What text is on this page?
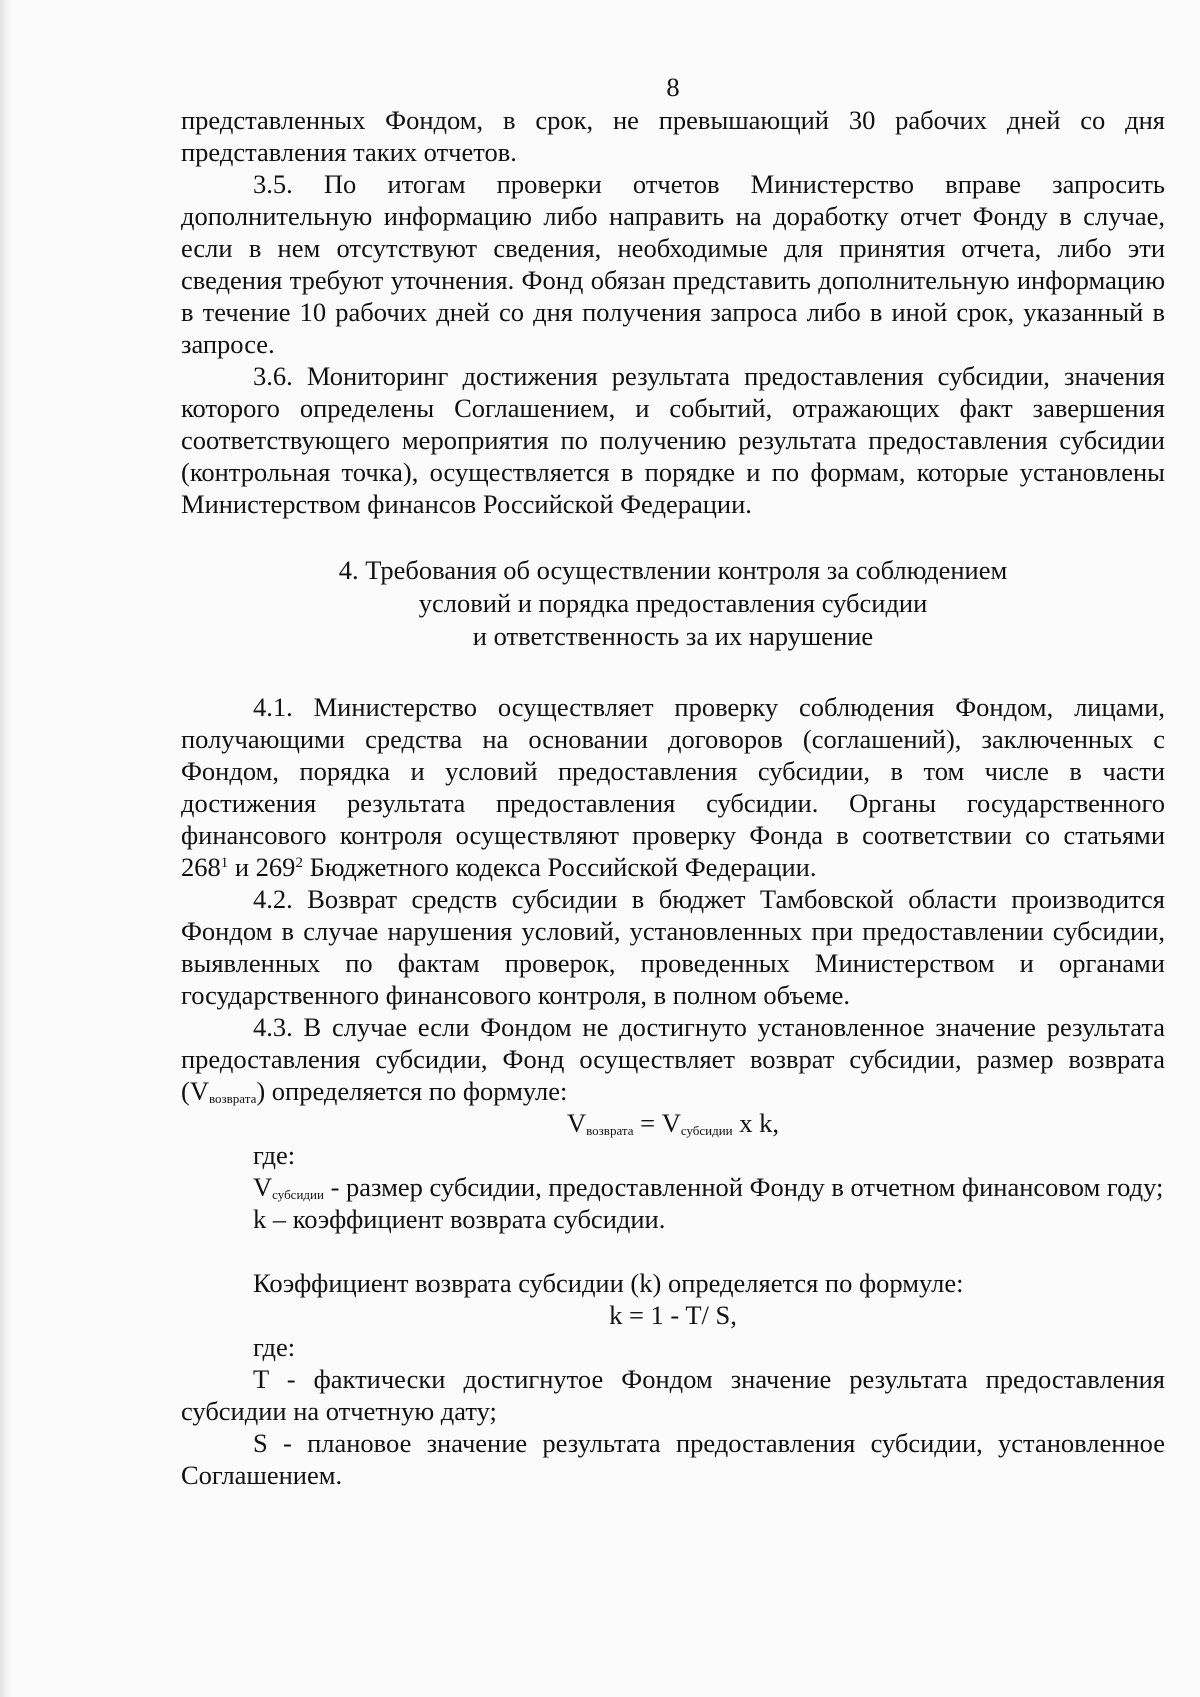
8

представленных Фондом, в срок, не превышающий 30 рабочих дней со дня

представления таких отчетов.

3.5. По итогам проверки отчетов Министерство вправе запросить дополнительную информацию либо направить на доработку отчет Фонду в случае, если в нем отсутствуют сведения, необходимые для принятия отчета, либо эти сведения требуют уточнения. Фонд обязан представить дополнительную информацию в течение 10 рабочих дней со дня получения запроса либо в иной срок, указанный в запросе.

3.6. Мониторинг достижения результата предоставления субсидии, значения которого определены Соглашением, и событий, отражающих факт завершения соответствующего мероприятия по получению результата предоставления субсидии (контрольная точка), осуществляется в порядке и по формам, которые установлены Министерством финансов Российской Федерации.

4. Требования об осуществлении контроля за соблюдением
условий и порядка предоставления субсидии
и ответственность за их нарушение

4.1. Министерство осуществляет проверку соблюдения Фондом, лицами, получающими средства на основании договоров (соглашений), заключенных с Фондом, порядка и условий предоставления субсидии, в том числе в части достижения результата предоставления субсидии. Органы государственного финансового контроля осуществляют проверку Фонда в соответствии со статьями $268^1$ и $269^2$ Бюджетного кодекса Российской Федерации.

4.2. Возврат средств субсидии в бюджет Тамбовской области производится Фондом в случае нарушения условий, установленных при предоставлении субсидии, выявленных по фактам проверок, проведенных Министерством и органами государственного финансового контроля, в полном объеме.

4.3. В случае если Фондом не достигнуто установленное значение результата предоставления субсидии, Фонд осуществляет возврат субсидии, размер возврата $(V_{возврата})$ определяется по формуле:

$V_{возврата} = V_{субсидии}$ x k,

где:

$V_{субсидии}$ - размер субсидии, предоставленной Фонду в отчетном финансовом году;

k – коэффициент возврата субсидии.

Коэффициент возврата субсидии (k) определяется по формуле:

k = 1 - T/ S,

где:

T - фактически достигнутое Фондом значение результата предоставления субсидии на отчетную дату;

S - плановое значение результата предоставления субсидии, установленное Соглашением.
